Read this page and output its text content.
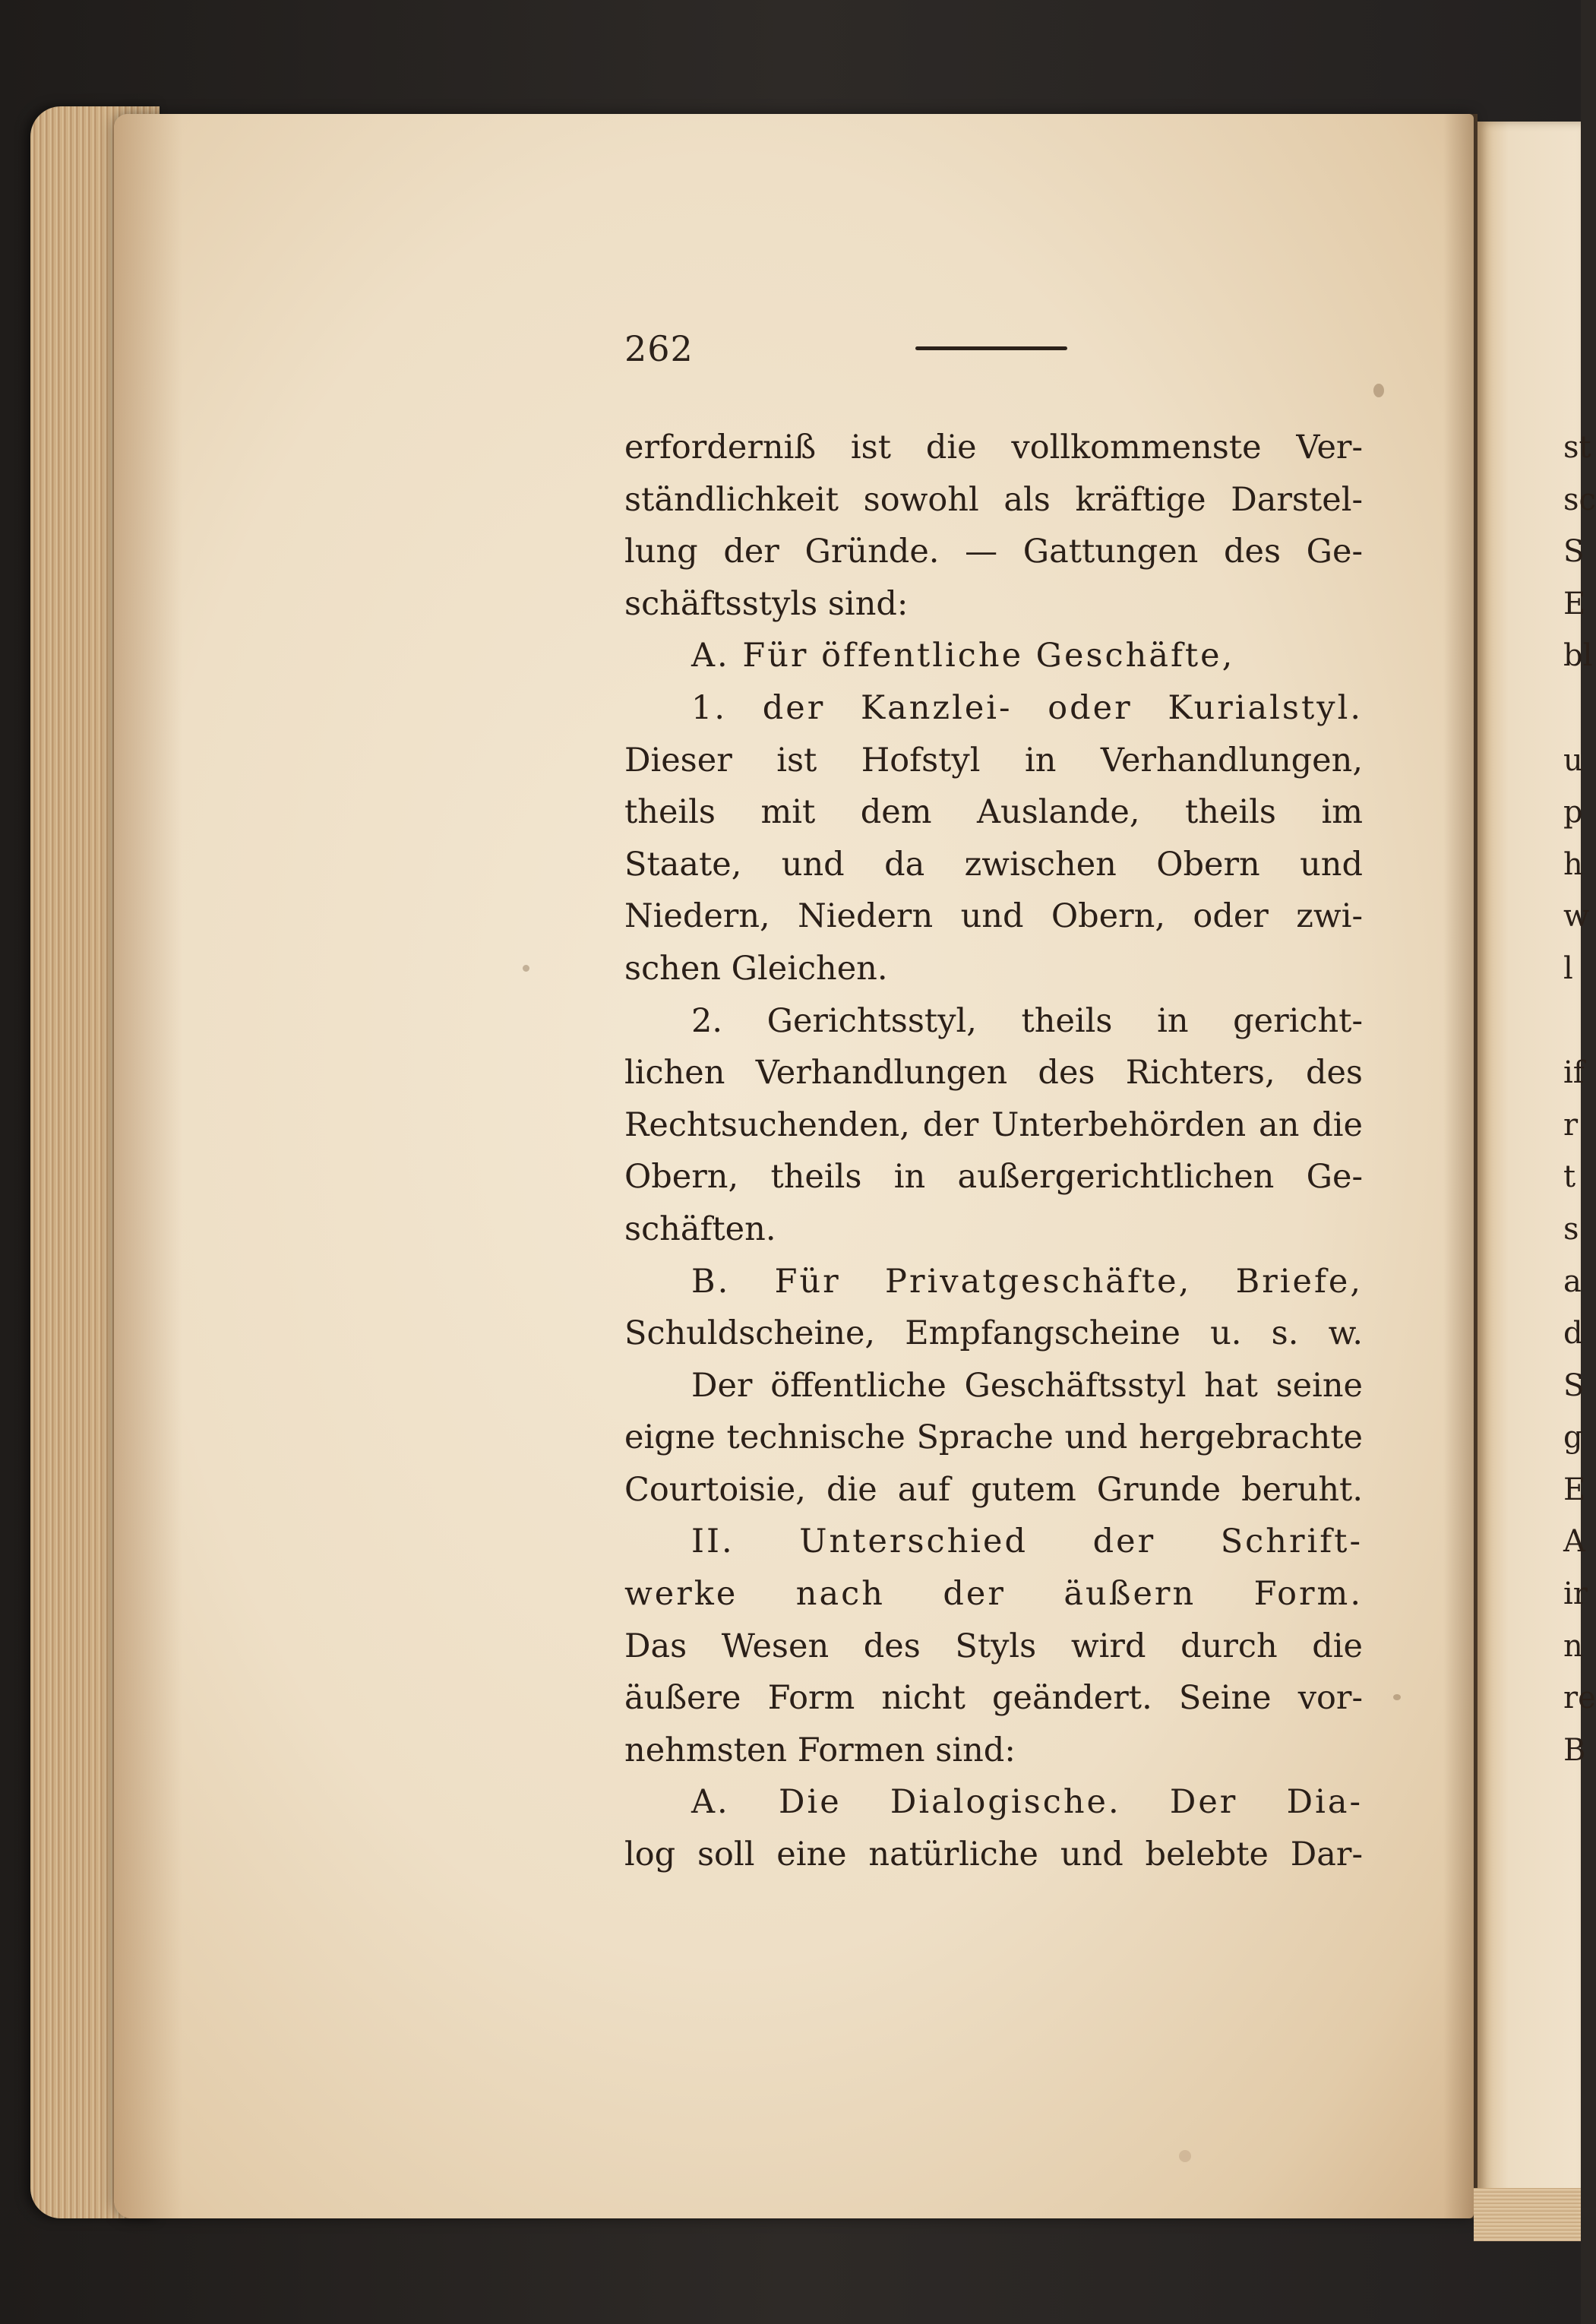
262
erforderniß ist die vollkommenste Ver-
ständlichkeit sowohl als kräftige Darstel-
lung der Gründe. — Gattungen des Ge-
schäftsstyls sind:
A. Für öffentliche Geschäfte,
1. der Kanzlei- oder Kurialstyl.
Dieser ist Hofstyl in Verhandlungen,
theils mit dem Auslande, theils im
Staate, und da zwischen Obern und
Niedern, Niedern und Obern, oder zwi-
schen Gleichen.
2. Gerichtsstyl, theils in gericht-
lichen Verhandlungen des Richters, des
Rechtsuchenden, der Unterbehörden an die
Obern, theils in außergerichtlichen Ge-
schäften.
B. Für Privatgeschäfte, Briefe,
Schuldscheine, Empfangscheine u. s. w.
Der öffentliche Geschäftsstyl hat seine
eigne technische Sprache und hergebrachte
Courtoisie, die auf gutem Grunde beruht.
II. Unterschied der Schrift-
werke nach der äußern Form.
Das Wesen des Styls wird durch die
äußere Form nicht geändert. Seine vor-
nehmsten Formen sind:
A. Die Dialogische. Der Dia-
log soll eine natürliche und belebte Dar-
st
sc
S
E
bl
u
p
h
w
l
if
r
t
s
a
d
S
g
E
A
ir
n
re
B
